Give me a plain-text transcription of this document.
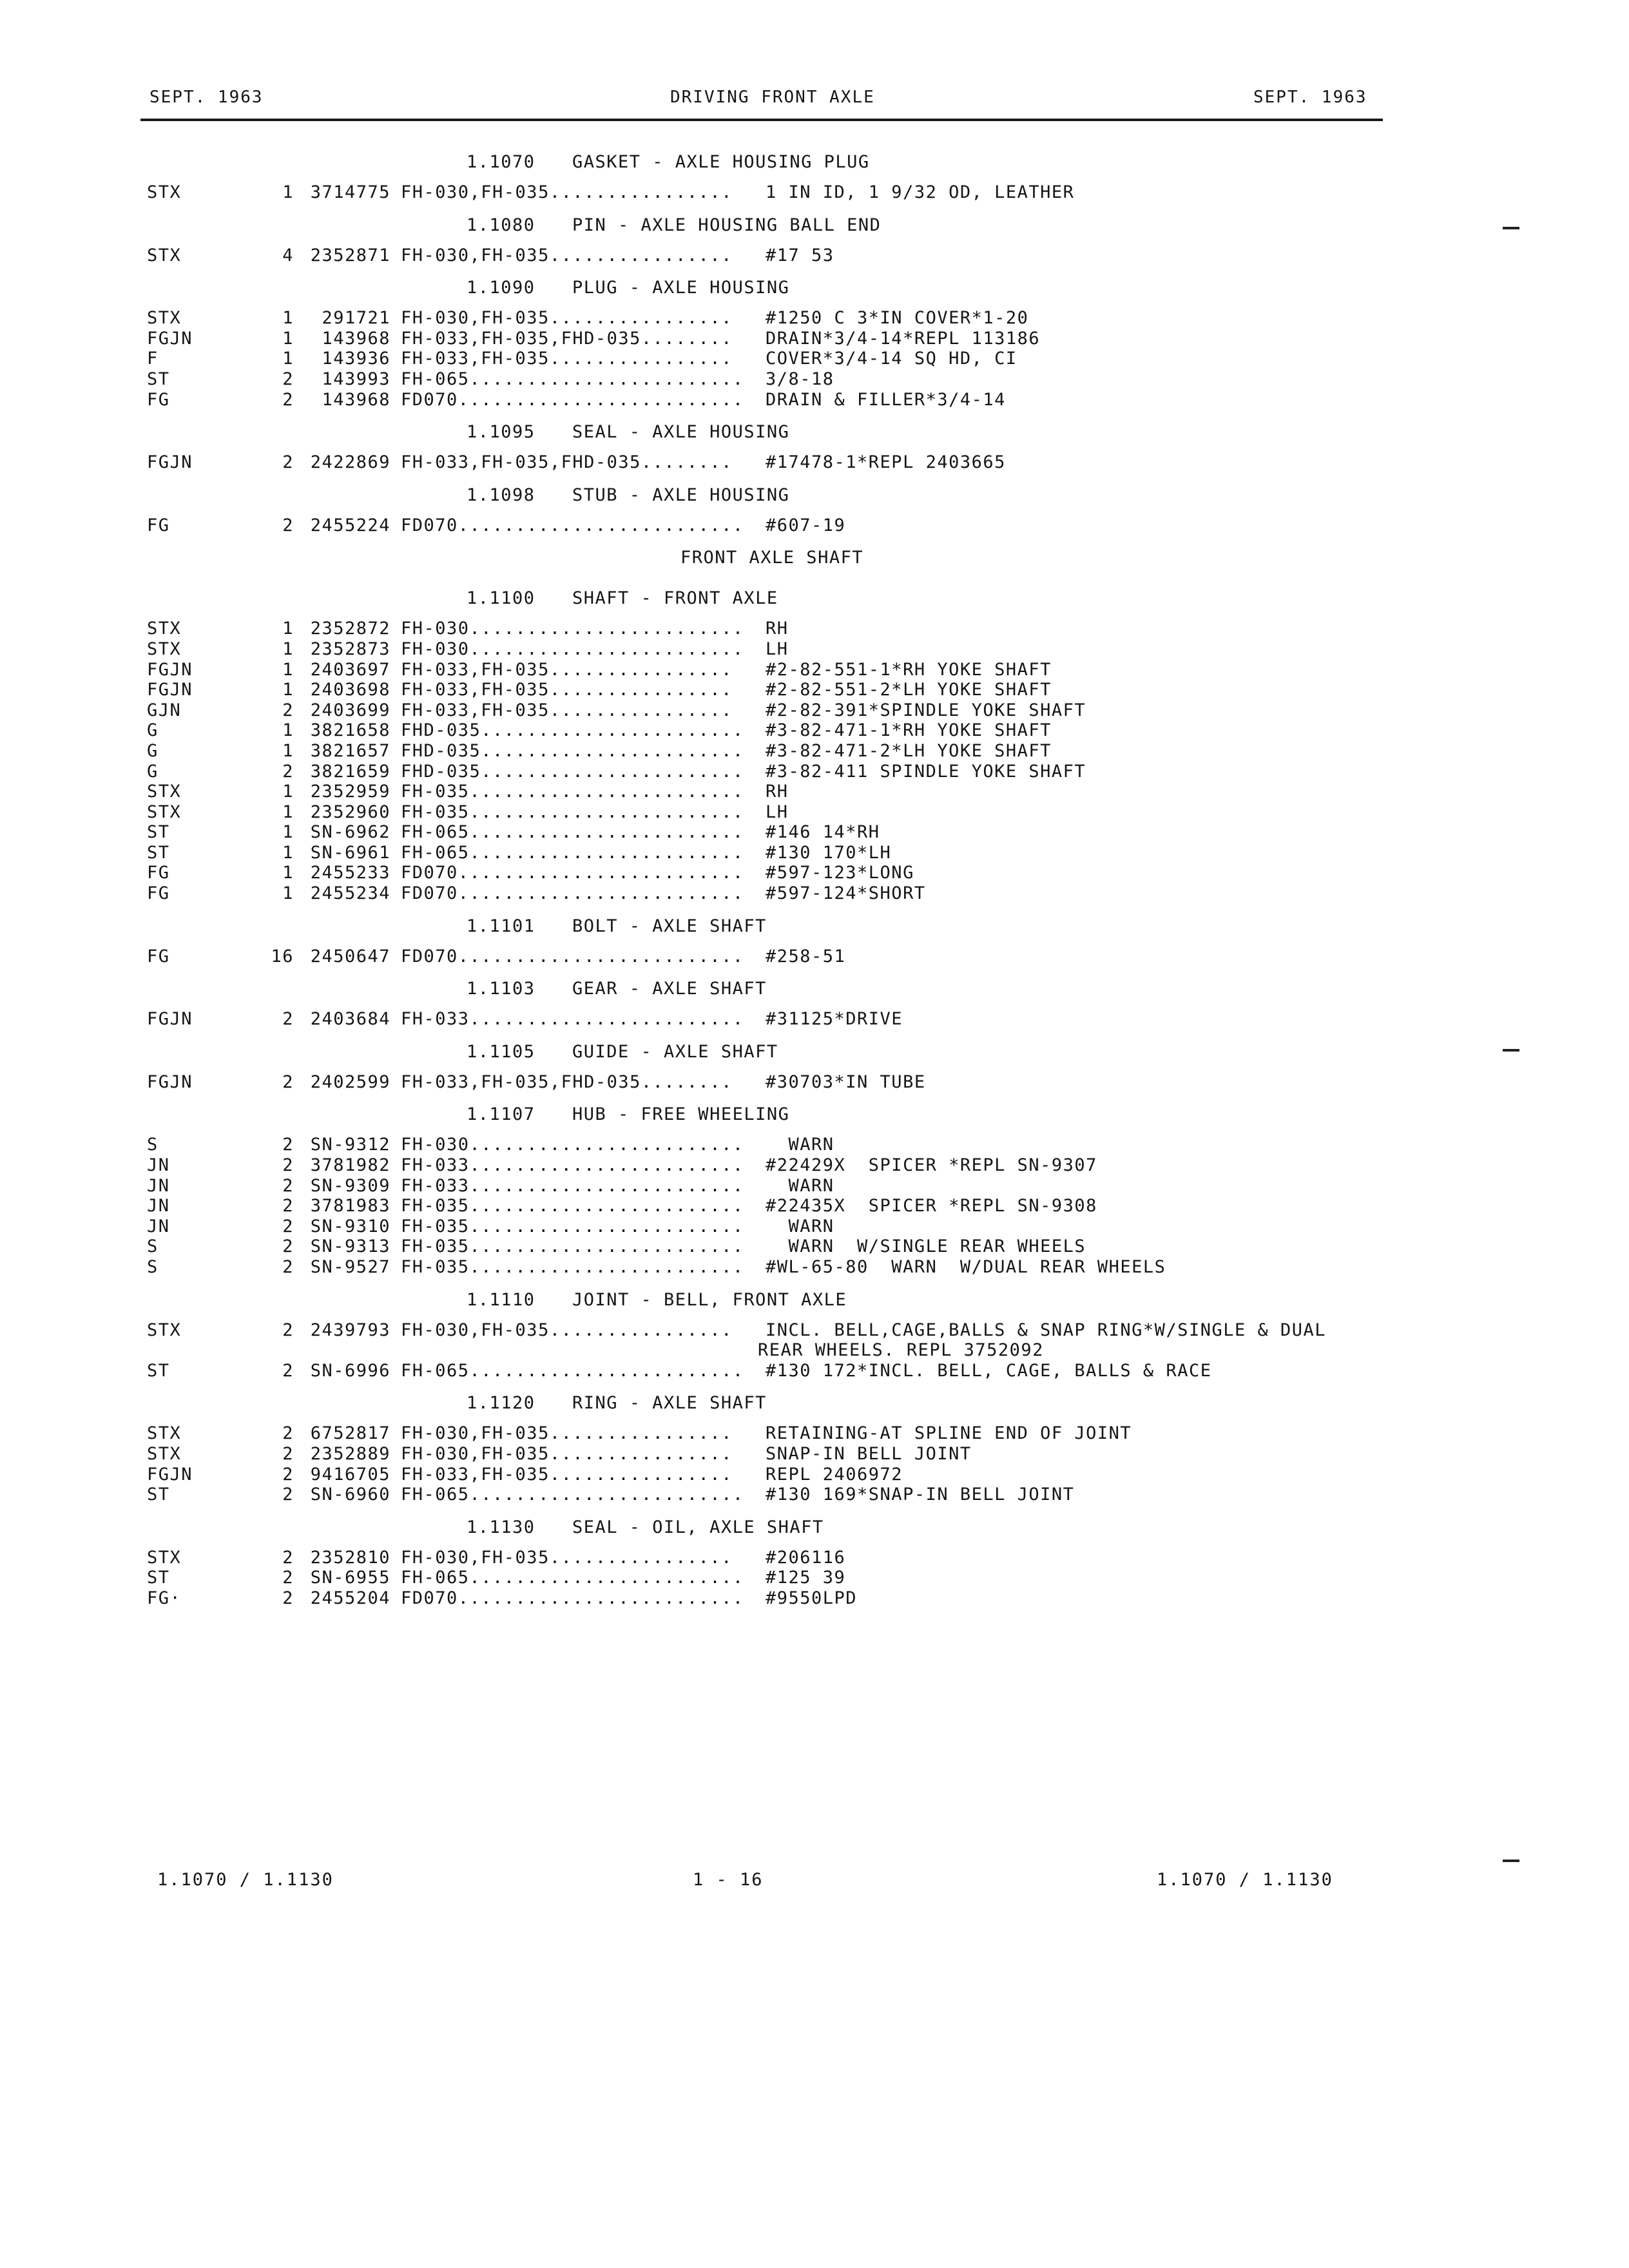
SEPT. 1963	DRIVING FRONT AXLE	SEPT. 1963
1.1070 GASKET - AXLE HOUSING PLUG
STX	1 3714775 FH-030,FH-035................ 1 IN ID, 1 9/32 OD, LEATHER
1.1080 PIN - AXLE HOUSING BALL END
STX	4 2352871 FH-030,FH-035................ #17 53
1.1090 PLUG - AXLE HOUSING
STX	1	291721 FH-030,FH-035................ #1250 C 3*IN COVER*1-20
FGJN	1	143968 FH-033,FH-035,FHD-035........ DRAIN*3/4-14*REPL 113186
F	1	143936 FH-033,FH-035................ COVER*3/4-14 SQ HD, CI
ST	2	143993 FH-065........................ 3/8-18
FG	2	143968 FD070......................... DRAIN & FILLER*3/4-14
1.1095 SEAL - AXLE HOUSING
FGJN	2 2422869 FH-033,FH-035,FHD-035........ #17478-1*REPL 2403665
1.1098 STUB - AXLE HOUSING
FG	2 2455224 FD070......................... #607-19
FRONT AXLE SHAFT
1.1100 SHAFT - FRONT AXLE
STX	1 2352872 FH-030........................ RH
STX	1 2352873 FH-030........................ LH
FGJN	1 2403697 FH-033,FH-035................ #2-82-551-1*RH YOKE SHAFT
FGJN	1 2403698 FH-033,FH-035................ #2-82-551-2*LH YOKE SHAFT
GJN	2 2403699 FH-033,FH-035................ #2-82-391*SPINDLE YOKE SHAFT
G	1 3821658 FHD-035....................... #3-82-471-1*RH YOKE SHAFT
G	1 3821657 FHD-035....................... #3-82-471-2*LH YOKE SHAFT
G	2 3821659 FHD-035....................... #3-82-411 SPINDLE YOKE SHAFT
STX	1 2352959 FH-035........................ RH
STX	1 2352960 FH-035........................ LH
ST	1 SN-6962 FH-065........................ #146 14*RH
ST	1 SN-6961 FH-065........................ #130 170*LH
FG	1 2455233 FD070......................... #597-123*LONG
FG	1 2455234 FD070......................... #597-124*SHORT
1.1101 BOLT - AXLE SHAFT
FG	16 2450647 FD070......................... #258-51
1.1103 GEAR - AXLE SHAFT
FGJN	2 2403684 FH-033........................ #31125*DRIVE
1.1105 GUIDE - AXLE SHAFT
FGJN	2 2402599 FH-033,FH-035,FHD-035........ #30703*IN TUBE
1.1107 HUB - FREE WHEELING
S	2 SN-9312 FH-030........................ WARN
JN	2 3781982 FH-033........................ #22429X  SPICER *REPL SN-9307
JN	2 SN-9309 FH-033........................ WARN
JN	2 3781983 FH-035........................ #22435X  SPICER *REPL SN-9308
JN	2 SN-9310 FH-035........................ WARN
S	2 SN-9313 FH-035........................ WARN  W/SINGLE REAR WHEELS
S	2 SN-9527 FH-035........................ #WL-65-80  WARN  W/DUAL REAR WHEELS
1.1110 JOINT - BELL, FRONT AXLE
STX	2 2439793 FH-030,FH-035................ INCL. BELL,CAGE,BALLS & SNAP RING*W/SINGLE & DUAL
REAR WHEELS. REPL 3752092
ST	2 SN-6996 FH-065........................ #130 172*INCL. BELL, CAGE, BALLS & RACE
1.1120 RING - AXLE SHAFT
STX	2 6752817 FH-030,FH-035................ RETAINING-AT SPLINE END OF JOINT
STX	2 2352889 FH-030,FH-035................ SNAP-IN BELL JOINT
FGJN	2 9416705 FH-033,FH-035................ REPL 2406972
ST	2 SN-6960 FH-065........................ #130 169*SNAP-IN BELL JOINT
1.1130 SEAL - OIL, AXLE SHAFT
STX	2 2352810 FH-030,FH-035................ #206116
ST	2 SN-6955 FH-065........................ #125 39
FG·	2 2455204 FD070......................... #9550LPD
1.1070 / 1.1130	1 - 16	1.1070 / 1.1130
